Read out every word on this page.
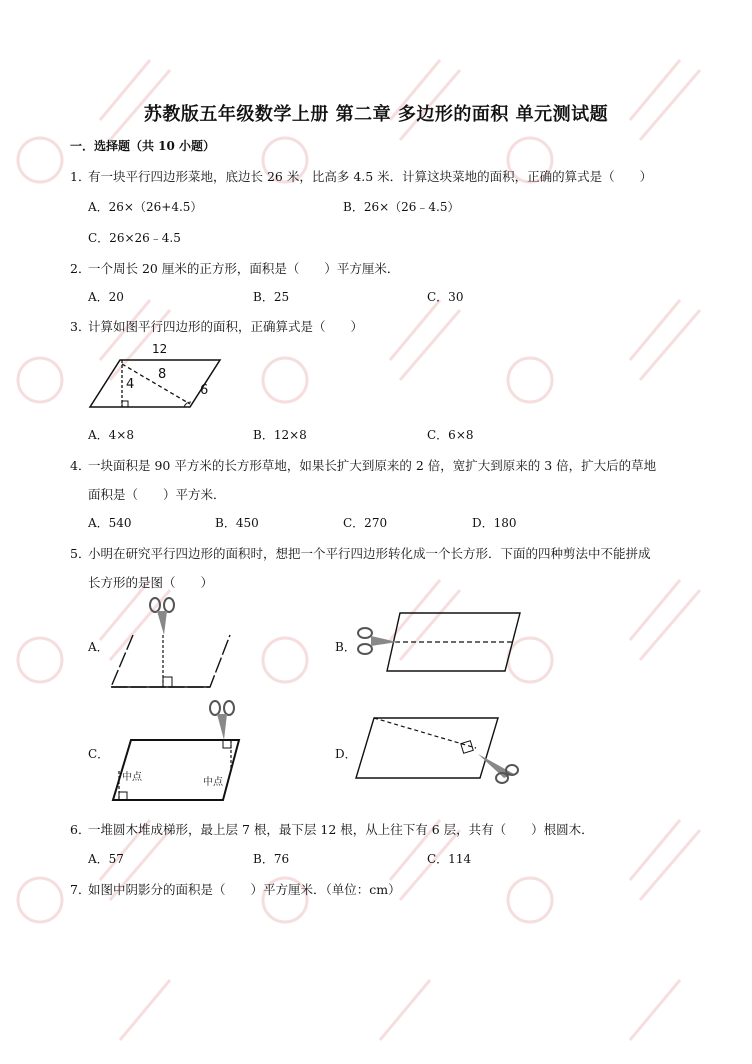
苏教版五年级数学上册 第二章 多边形的面积 单元测试题
一．选择题（共 10 小题）
1．有一块平行四边形菜地，底边长 26 米，比高多 4.5 米．计算这块菜地的面积，正确的算式是（　　）
A．26×（26+4.5）	B．26×（26﹣4.5）
C．26×26﹣4.5
2．一个周长 20 厘米的正方形，面积是（　　）平方厘米．
A．20	B．25	C．30
3．计算如图平行四边形的面积，正确算式是（　　）
12
4
8
6
A．4×8	B．12×8	C．6×8
4．一块面积是 90 平方米的长方形草地，如果长扩大到原来的 2 倍，宽扩大到原来的 3 倍，扩大后的草地
面积是（　　）平方米．
A．540	B．450	C．270	D．180
5．小明在研究平行四边形的面积时，想把一个平行四边形转化成一个长方形．下面的四种剪法中不能拼成
长方形的是图（　　）
A．	B．
C．
中点	中点
D．
6．一堆圆木堆成梯形，最上层 7 根，最下层 12 根，从上往下有 6 层，共有（　　）根圆木．
A．57	B．76	C．114
7．如图中阴影分的面积是（　　）平方厘米．（单位：cm）
